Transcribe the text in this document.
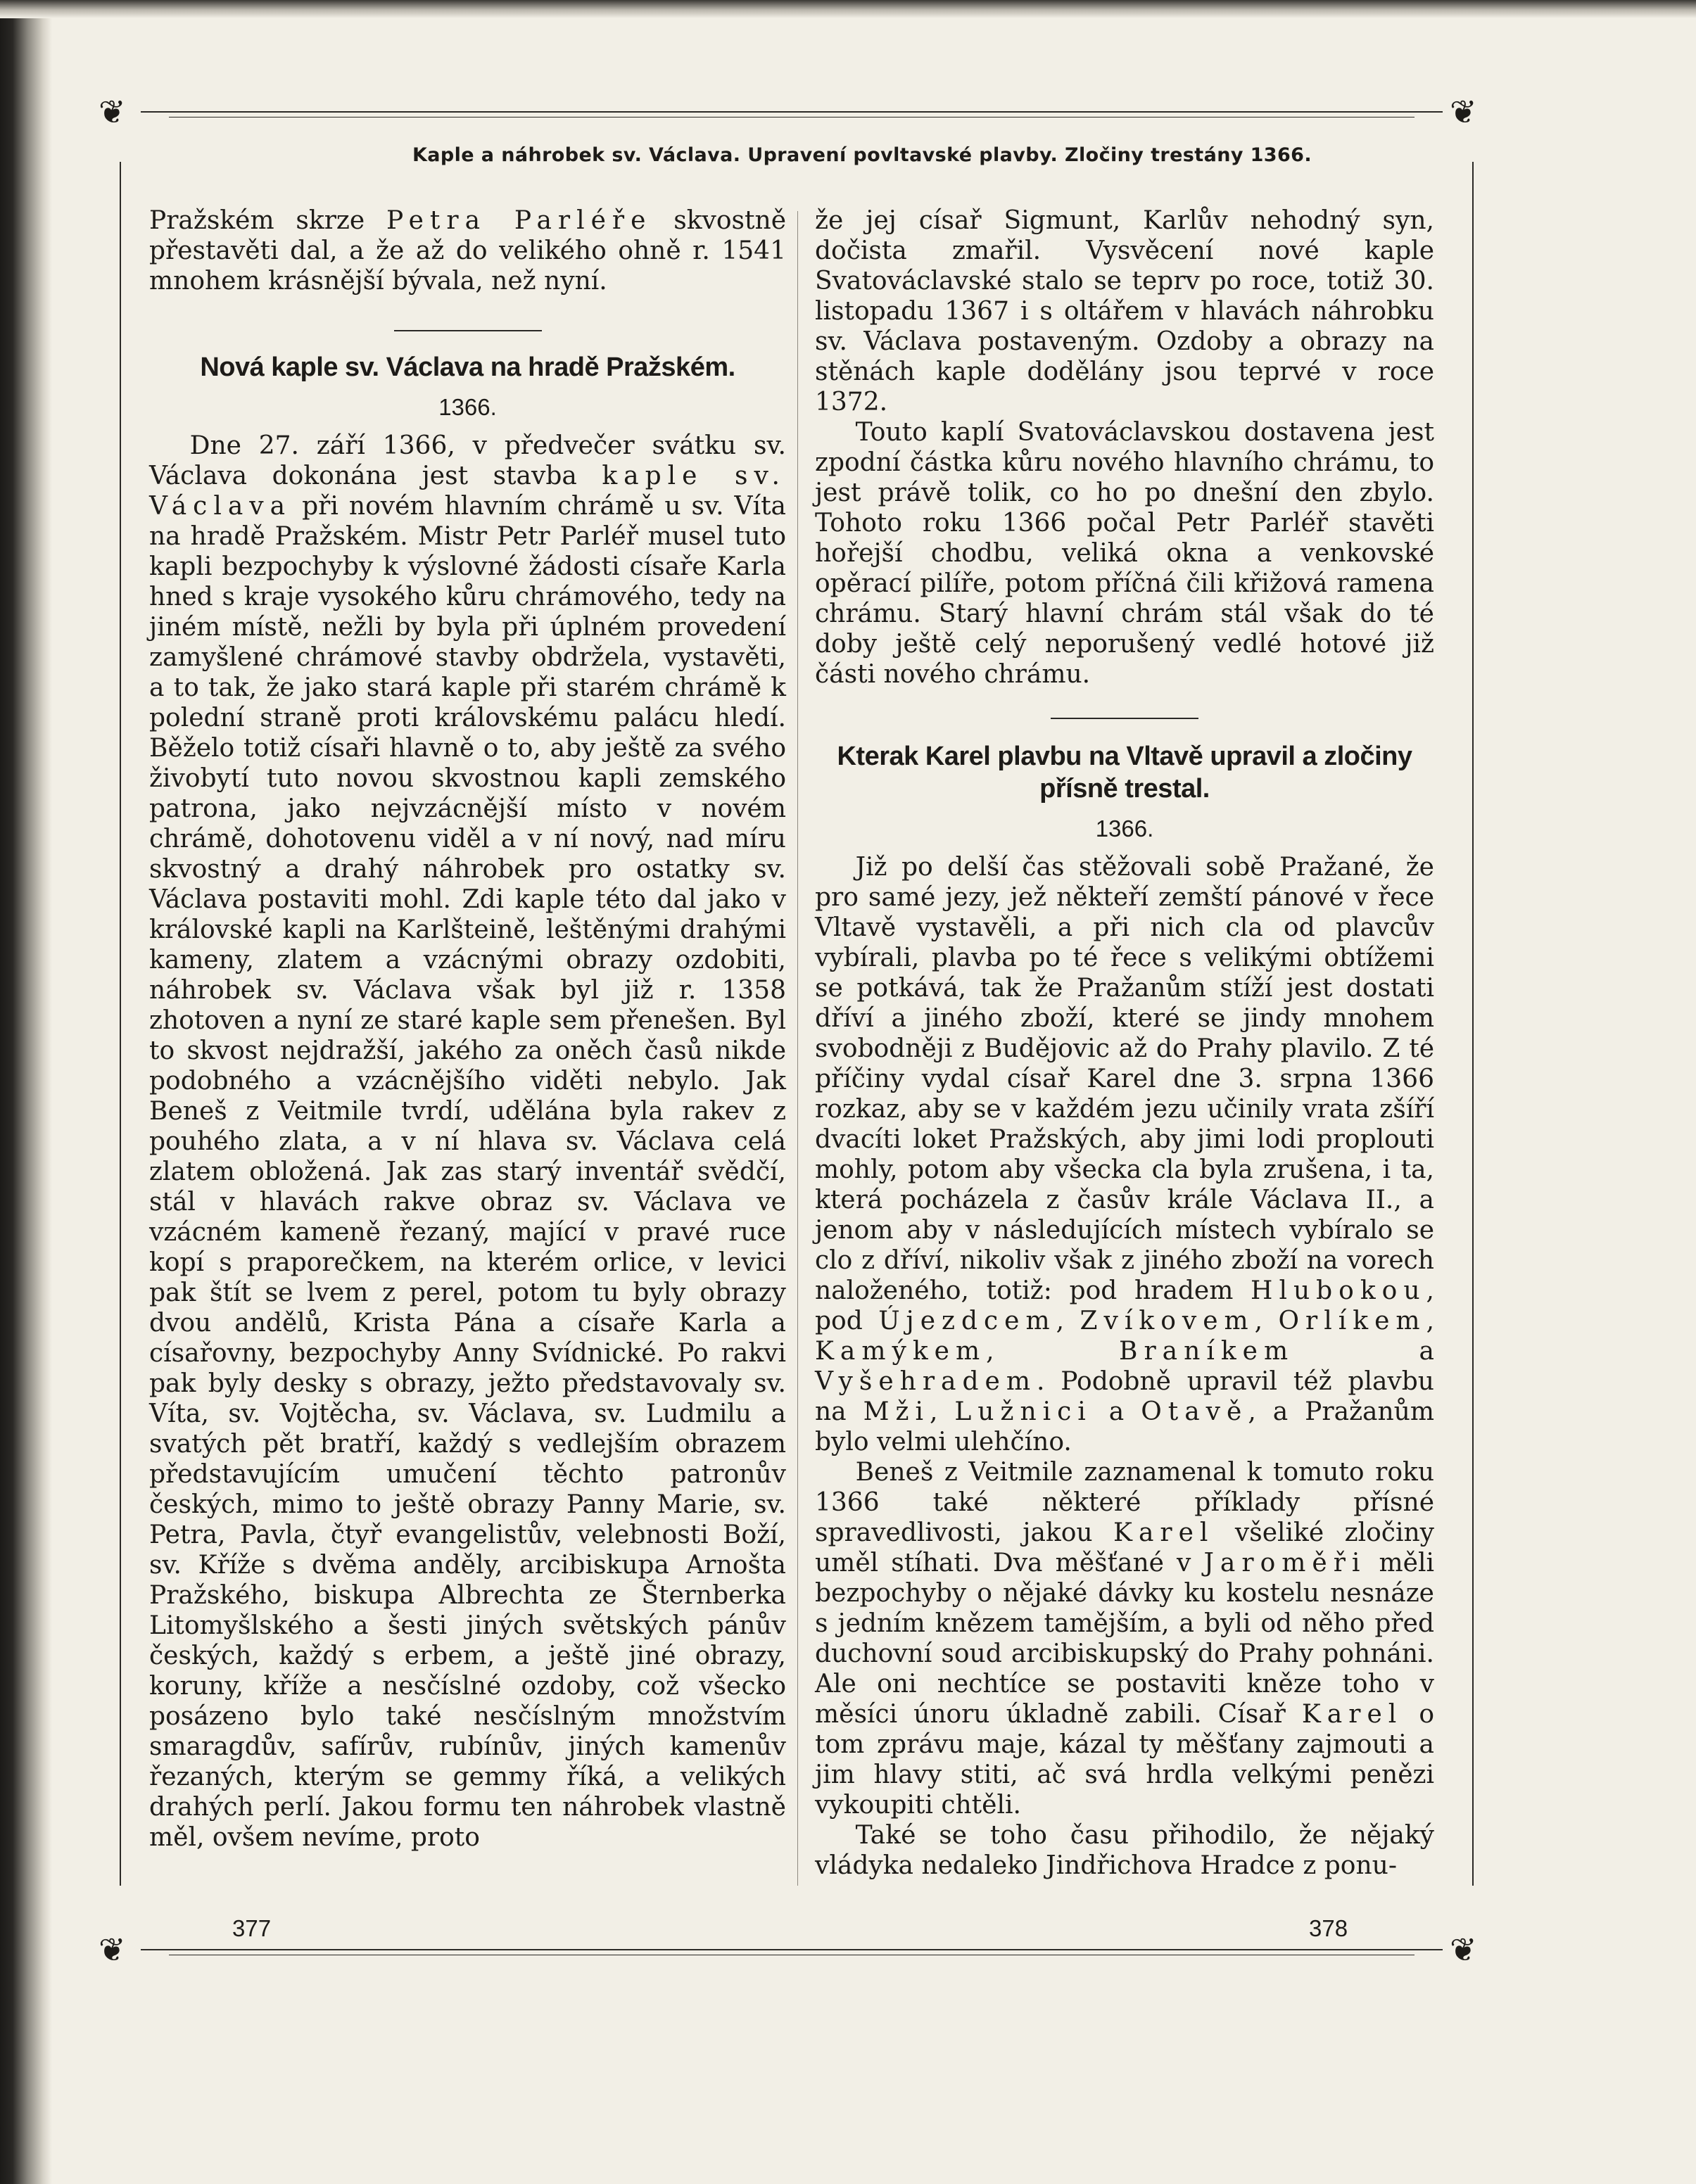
❦	❦
❦	❦
Kaple a náhrobek sv. Václava. Upravení povltavské plavby. Zločiny trestány 1366.

Pražském skrze Petra Parléře skvostně přestavěti dal, a že až do velikého ohně r. 1541 mnohem krásnější bývala, než nyní.

Nová kaple sv. Václava na hradě Pražském.
1366.

Dne 27. září 1366, v předvečer svátku sv. Václava dokonána jest stavba kaple sv. Václava při novém hlavním chrámě u sv. Víta na hradě Pražském. Mistr Petr Parléř musel tuto kapli bezpochyby k výslovné žádosti císaře Karla hned s kraje vysokého kůru chrámového, tedy na jiném místě, nežli by byla při úplném provedení zamyšlené chrámové stavby obdržela, vystavěti, a to tak, že jako stará kaple při starém chrámě k polední straně proti královskému palácu hledí. Běželo totiž císaři hlavně o to, aby ještě za svého živobytí tuto novou skvostnou kapli zemského patrona, jako nejvzácnější místo v novém chrámě, dohotovenu viděl a v ní nový, nad míru skvostný a drahý náhrobek pro ostatky sv. Václava postaviti mohl. Zdi kaple této dal jako v královské kapli na Karlšteině, leštěnými drahými kameny, zlatem a vzácnými obrazy ozdobiti, náhrobek sv. Václava však byl již r. 1358 zhotoven a nyní ze staré kaple sem přenešen. Byl to skvost nejdražší, jakého za oněch časů nikde podobného a vzácnějšího viděti nebylo. Jak Beneš z Veitmile tvrdí, udělána byla rakev z pouhého zlata, a v ní hlava sv. Václava celá zlatem obložená. Jak zas starý inventář svědčí, stál v hlavách rakve obraz sv. Václava ve vzácném kameně řezaný, mající v pravé ruce kopí s praporečkem, na kterém orlice, v levici pak štít se lvem z perel, potom tu byly obrazy dvou andělů, Krista Pána a císaře Karla a císařovny, bezpochyby Anny Svídnické. Po rakvi pak byly desky s obrazy, ježto představovaly sv. Víta, sv. Vojtěcha, sv. Václava, sv. Ludmilu a svatých pět bratří, každý s vedlejším obrazem představujícím umučení těchto patronův českých, mimo to ještě obrazy Panny Marie, sv. Petra, Pavla, čtyř evangelistův, velebnosti Boží, sv. Kříže s dvěma anděly, arcibiskupa Arnošta Pražského, biskupa Albrechta ze Šternberka Litomyšlského a šesti jiných světských pánův českých, každý s erbem, a ještě jiné obrazy, koruny, kříže a nesčíslné ozdoby, což všecko posázeno bylo také nesčíslným množstvím smaragdův, safírův, rubínův, jiných kamenův řezaných, kterým se gemmy říká, a velikých drahých perlí. Jakou formu ten náhrobek vlastně měl, ovšem nevíme, proto

že jej císař Sigmunt, Karlův nehodný syn, dočista zmařil. Vysvěcení nové kaple Svatováclavské stalo se teprv po roce, totiž 30. listopadu 1367 i s oltářem v hlavách náhrobku sv. Václava postaveným. Ozdoby a obrazy na stěnách kaple dodělány jsou teprvé v roce 1372.

Touto kaplí Svatováclavskou dostavena jest zpodní částka kůru nového hlavního chrámu, to jest právě tolik, co ho po dnešní den zbylo. Tohoto roku 1366 počal Petr Parléř stavěti hořejší chodbu, veliká okna a venkovské opěrací pilíře, potom příčná čili křižová ramena chrámu. Starý hlavní chrám stál však do té doby ještě celý neporušený vedlé hotové již části nového chrámu.

Kterak Karel plavbu na Vltavě upravil a zločiny přísně trestal.
1366.

Již po delší čas stěžovali sobě Pražané, že pro samé jezy, jež někteří zemští pánové v řece Vltavě vystavěli, a při nich cla od plavcův vybírali, plavba po té řece s velikými obtížemi se potkává, tak že Pražanům stíží jest dostati dříví a jiného zboží, které se jindy mnohem svobodněji z Budějovic až do Prahy plavilo. Z té příčiny vydal císař Karel dne 3. srpna 1366 rozkaz, aby se v každém jezu učinily vrata zšíří dvacíti loket Pražských, aby jimi lodi proplouti mohly, potom aby všecka cla byla zrušena, i ta, která pocházela z časův krále Václava II., a jenom aby v následujících místech vybíralo se clo z dříví, nikoliv však z jiného zboží na vorech naloženého, totiž: pod hradem Hlubokou, pod Újezdcem, Zvíkovem, Orlíkem, Kamýkem, Braníkem a Vyšehradem. Podobně upravil též plavbu na Mži, Lužnici a Otavě, a Pražanům bylo velmi ulehčíno.

Beneš z Veitmile zaznamenal k tomuto roku 1366 také některé příklady přísné spravedlivosti, jakou Karel všeliké zločiny uměl stíhati. Dva měšťané v Jaroměři měli bezpochyby o nějaké dávky ku kostelu nesnáze s jedním knězem tamějším, a byli od něho před duchovní soud arcibiskupský do Prahy pohnáni. Ale oni nechtíce se postaviti kněze toho v měsíci únoru úkladně zabili. Císař Karel o tom zprávu maje, kázal ty měšťany zajmouti a jim hlavy stiti, ač svá hrdla velkými penězi vykoupiti chtěli.

Také se toho času přihodilo, že nějaký vládyka nedaleko Jindřichova Hradce z ponu-

377	378
